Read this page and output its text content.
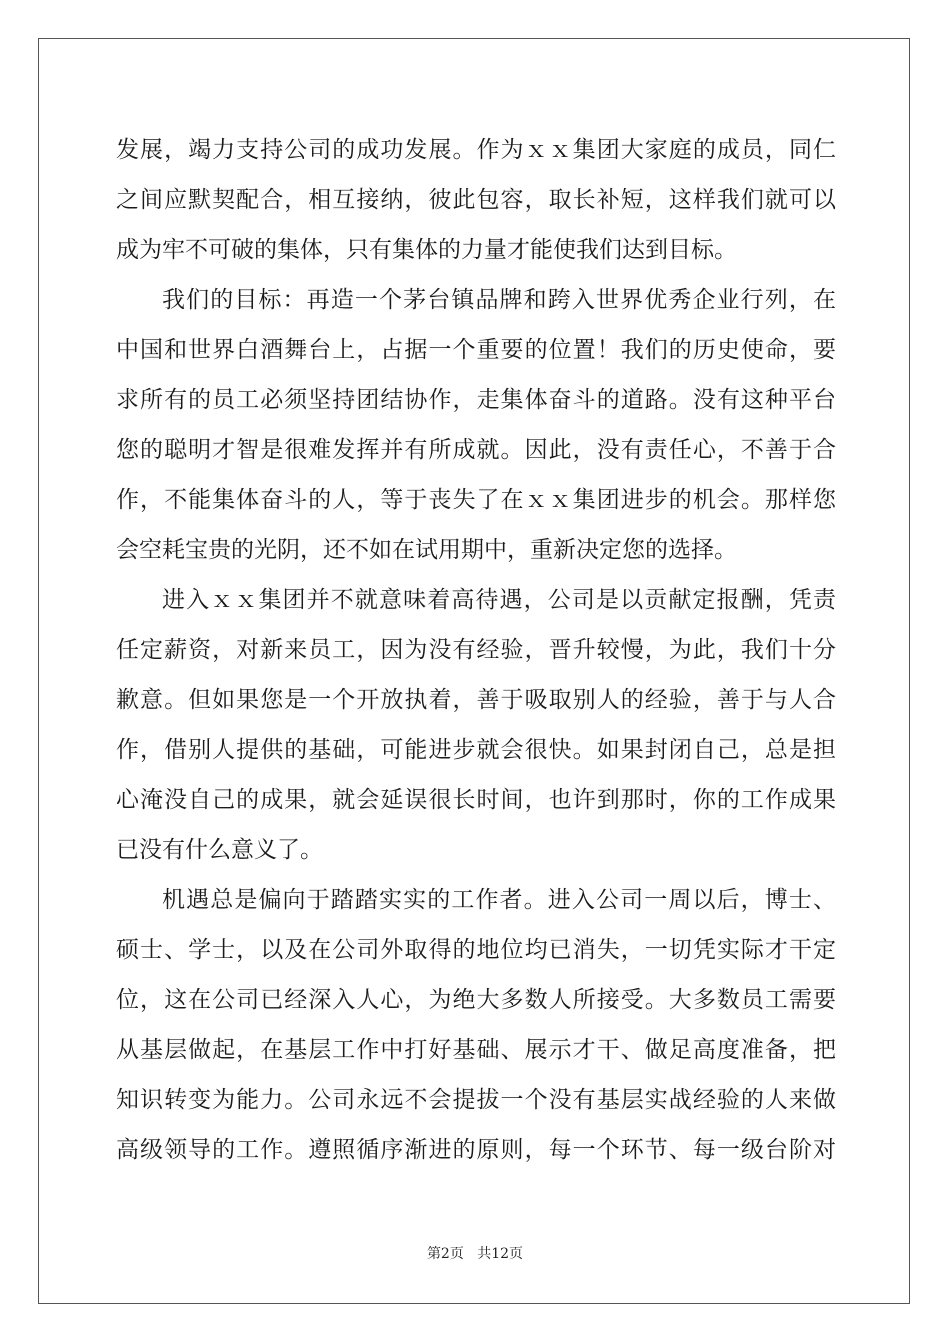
发展，竭力支持公司的成功发展。作为ｘｘ集团大家庭的成员，同仁
之间应默契配合，相互接纳，彼此包容，取长补短，这样我们就可以
成为牢不可破的集体，只有集体的力量才能使我们达到目标。
我们的目标：再造一个茅台镇品牌和跨入世界优秀企业行列，在
中国和世界白酒舞台上，占据一个重要的位置！我们的历史使命，要
求所有的员工必须坚持团结协作，走集体奋斗的道路。没有这种平台
您的聪明才智是很难发挥并有所成就。因此，没有责任心，不善于合
作，不能集体奋斗的人，等于丧失了在ｘｘ集团进步的机会。那样您
会空耗宝贵的光阴，还不如在试用期中，重新决定您的选择。
进入ｘｘ集团并不就意味着高待遇，公司是以贡献定报酬，凭责
任定薪资，对新来员工，因为没有经验，晋升较慢，为此，我们十分
歉意。但如果您是一个开放执着，善于吸取别人的经验，善于与人合
作，借别人提供的基础，可能进步就会很快。如果封闭自己，总是担
心淹没自己的成果，就会延误很长时间，也许到那时，你的工作成果
已没有什么意义了。
机遇总是偏向于踏踏实实的工作者。进入公司一周以后，博士、
硕士、学士，以及在公司外取得的地位均已消失，一切凭实际才干定
位，这在公司已经深入人心，为绝大多数人所接受。大多数员工需要
从基层做起，在基层工作中打好基础、展示才干、做足高度准备，把
知识转变为能力。公司永远不会提拔一个没有基层实战经验的人来做
高级领导的工作。遵照循序渐进的原则，每一个环节、每一级台阶对
第2页 共12页
